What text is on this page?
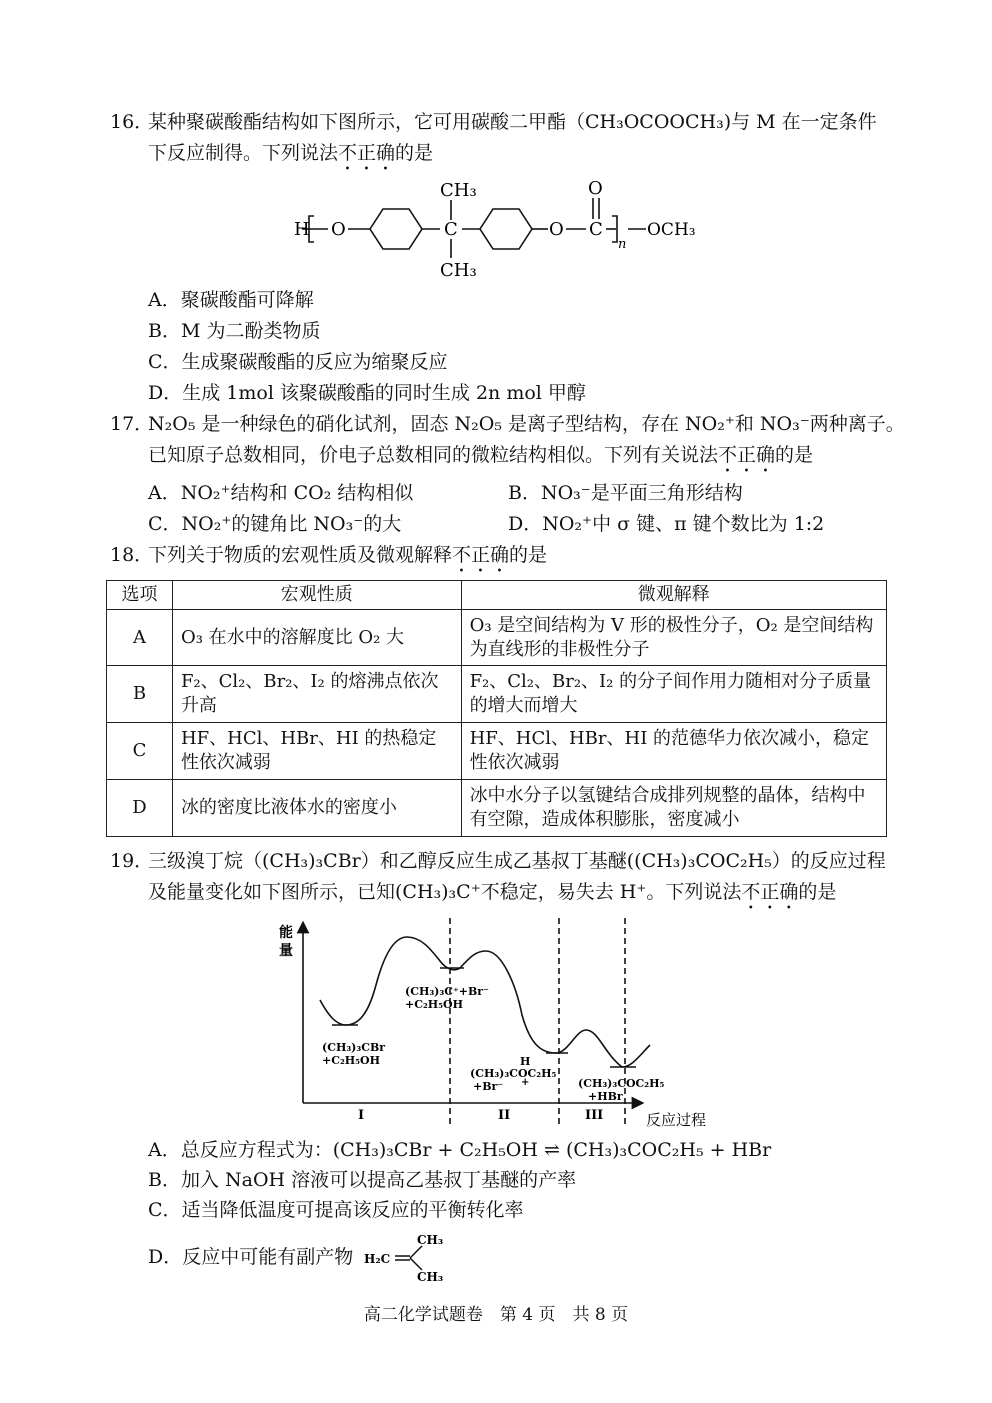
16．
某种聚碳酸酯结构如下图所示，它可用碳酸二甲酯（CH₃OCOOCH₃)与 M 在一定条件
下反应制得。下列说法不正确的是
H O	C
CH₃
CH₃
O C
O
n
OCH₃
A．聚碳酸酯可降解
B．M 为二酚类物质
C．生成聚碳酸酯的反应为缩聚反应
D．生成 1mol 该聚碳酸酯的同时生成 2n mol 甲醇
17．
N₂O₅ 是一种绿色的硝化试剂，固态 N₂O₅ 是离子型结构，存在 NO₂⁺和 NO₃⁻两种离子。
已知原子总数相同，价电子总数相同的微粒结构相似。下列有关说法不正确的是
A．NO₂⁺结构和 CO₂ 结构相似	B．NO₃⁻是平面三角形结构
C．NO₂⁺的键角比 NO₃⁻的大	D．NO₂⁺中 σ 键、π 键个数比为 1:2
18．
下列关于物质的宏观性质及微观解释不正确的是
选项	宏观性质	微观解释
A	O₃ 在水中的溶解度比 O₂ 大	O₃ 是空间结构为 V 形的极性分子，O₂ 是空间结构为直线形的非极性分子
B	F₂、Cl₂、Br₂、I₂ 的熔沸点依次升高	F₂、Cl₂、Br₂、I₂ 的分子间作用力随相对分子质量的增大而增大
C	HF、HCl、HBr、HI 的热稳定性依次减弱	HF、HCl、HBr、HI 的范德华力依次减小，稳定性依次减弱
D	冰的密度比液体水的密度小	冰中水分子以氢键结合成排列规整的晶体，结构中有空隙，造成体积膨胀，密度减小
19．
三级溴丁烷（(CH₃)₃CBr）和乙醇反应生成乙基叔丁基醚((CH₃)₃COC₂H₅）的反应过程
及能量变化如下图所示，已知(CH₃)₃C⁺不稳定，易失去 H⁺。下列说法不正确的是
能
量
反应过程
I	II	III
(CH₃)₃CBr
+C₂H₅OH
(CH₃)₃C⁺+Br⁻
+C₂H₅OH
H
(CH₃)₃COC₂H₅
+
+Br⁻	(CH₃)₃COC₂H₅
+HBr
A．总反应方程式为：(CH₃)₃CBr + C₂H₅OH ⇌ (CH₃)₃COC₂H₅ + HBr
B．加入 NaOH 溶液可以提高乙基叔丁基醚的产率
C．适当降低温度可提高该反应的平衡转化率
D．反应中可能有副产物 H₂C
CH₃
CH₃
高二化学试题卷　第 4 页　共 8 页
